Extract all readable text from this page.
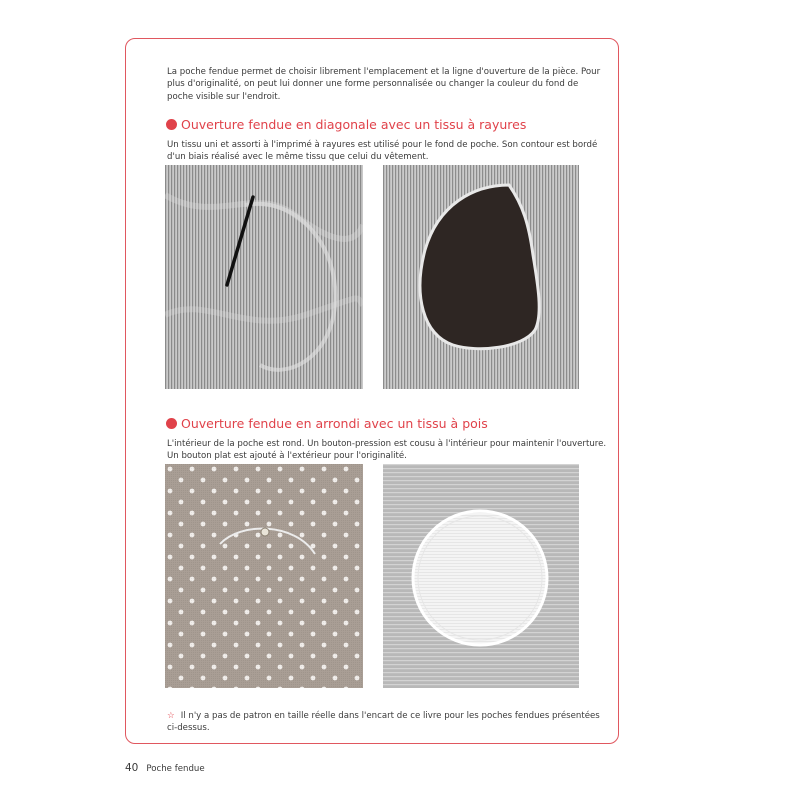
La poche fendue permet de choisir librement l'emplacement et la ligne d'ouverture de la pièce. Pour plus d'originalité, on peut lui donner une forme personnalisée ou changer la couleur du fond de poche visible sur l'endroit.

Ouverture fendue en diagonale avec un tissu à rayures

Un tissu uni et assorti à l'imprimé à rayures est utilisé pour le fond de poche. Son contour est bordé d'un biais réalisé avec le même tissu que celui du vêtement.

Ouverture fendue en arrondi avec un tissu à pois

L'intérieur de la poche est rond. Un bouton-pression est cousu à l'intérieur pour maintenir l'ouverture. Un bouton plat est ajouté à l'extérieur pour l'originalité.

☆ Il n'y a pas de patron en taille réelle dans l'encart de ce livre pour les poches fendues présentées ci-dessus.

40 Poche fendue
